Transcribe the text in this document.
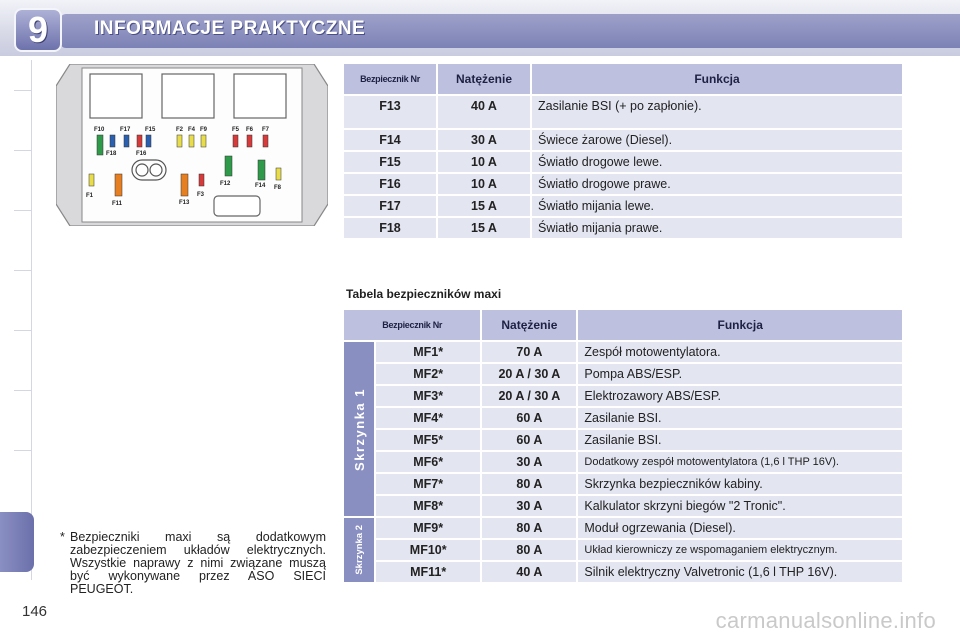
9	INFORMACJE PRAKTYCZNE
F10	F17 F15	F2 F4 F9	F5 F6 F7
F18	F16
F12	F14 F8
F1
F11	F13
F3
Bezpiecznik Nr	Natężenie	Funkcja
F13	40 A	Zasilanie BSI (+ po zapłonie).
F14	30 A	Świece żarowe (Diesel).
F15	10 A	Światło drogowe lewe.
F16	10 A	Światło drogowe prawe.
F17	15 A	Światło mijania lewe.
F18	15 A	Światło mijania prawe.
Tabela bezpieczników maxi
Bezpiecznik Nr		Natężenie	Funkcja

Skrzynka 1	MF1*	70 A	Zespół motowentylatora.
	MF2*	20 A / 30 A	Pompa ABS/ESP.
	MF3*	20 A / 30 A	Elektrozawory ABS/ESP.
	MF4*	60 A	Zasilanie BSI.
	MF5*	60 A	Zasilanie BSI.
	MF6*	30 A	Dodatkowy zespół motowentylatora (1,6 l THP 16V).
	MF7*	80 A	Skrzynka bezpieczników kabiny.
	MF8*	30 A	Kalkulator skrzyni biegów "2 Tronic".

Skrzynka 2	MF9*	80 A	Moduł ogrzewania (Diesel).
	MF10*	80 A	Układ kierowniczy ze wspomaganiem elektrycznym.
	MF11*	40 A	Silnik elektryczny Valvetronic (1,6 l THP 16V).
* Bezpieczniki maxi są dodatkowym zabezpieczeniem układów elektrycznych. Wszystkie naprawy z nimi związane muszą być wykonywane przez ASO SIECI PEUGEOT.
146	carmanualsonline.info
